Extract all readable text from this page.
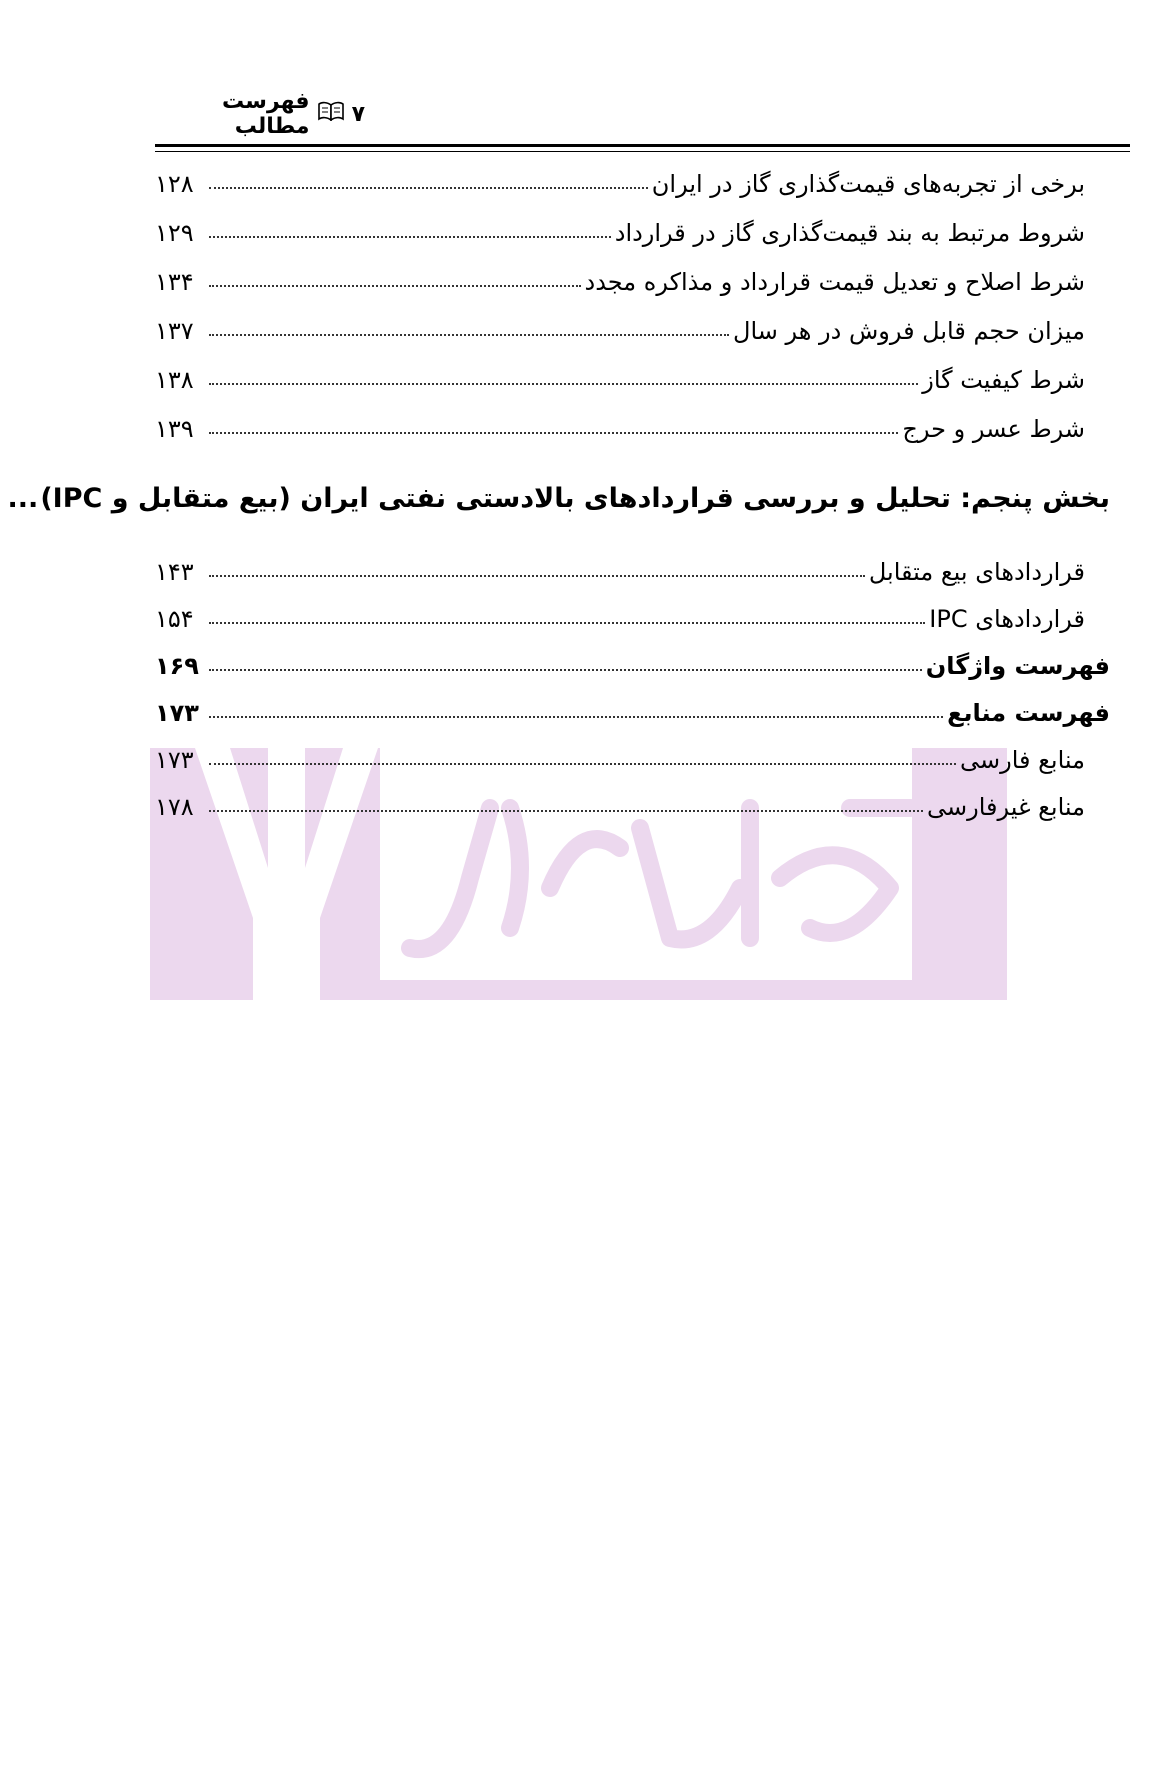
فهرست مطالب ۷
برخی از تجربه‌های قیمت‌گذاری گاز در ایران
۱۲۸
شروط مرتبط به بند قیمت‌گذاری گاز در قرارداد
۱۲۹
شرط اصلاح و تعدیل قیمت قرارداد و مذاکره مجدد
۱۳۴
میزان حجم قابل فروش در هر سال
۱۳۷
شرط کیفیت گاز
۱۳۸
شرط عسر و حرج
۱۳۹
بخش پنجم: تحلیل و بررسی قراردادهای بالادستی نفتی ایران (بیع متقابل و IPC)
...
قراردادهای بیع متقابل
۱۴۳
قراردادهای IPC
۱۵۴
فهرست واژگان
۱۶۹
فهرست منابع
۱۷۳
منابع فارسی
۱۷۳
منابع غیرفارسی
۱۷۸
